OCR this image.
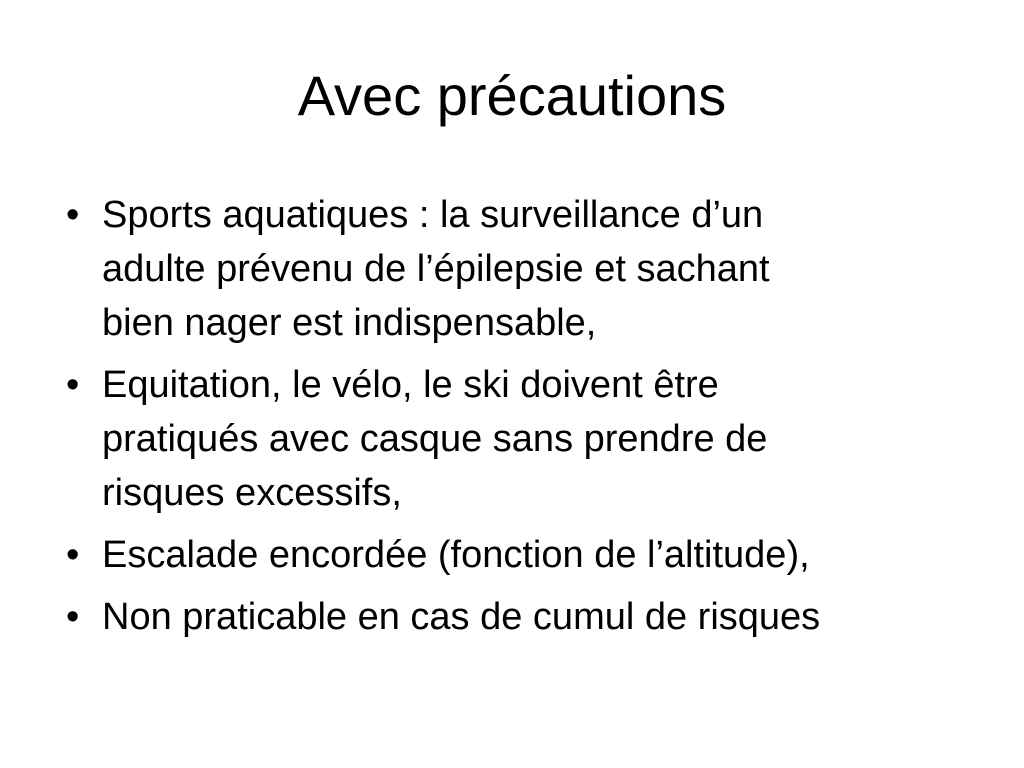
Avec précautions
• Sports aquatiques : la surveillance d’un
adulte prévenu de l’épilepsie et sachant
bien nager est indispensable,
• Equitation, le vélo, le ski doivent être
pratiqués avec casque sans prendre de
risques excessifs,
• Escalade encordée (fonction de l’altitude),
• Non praticable en cas de cumul de risques
